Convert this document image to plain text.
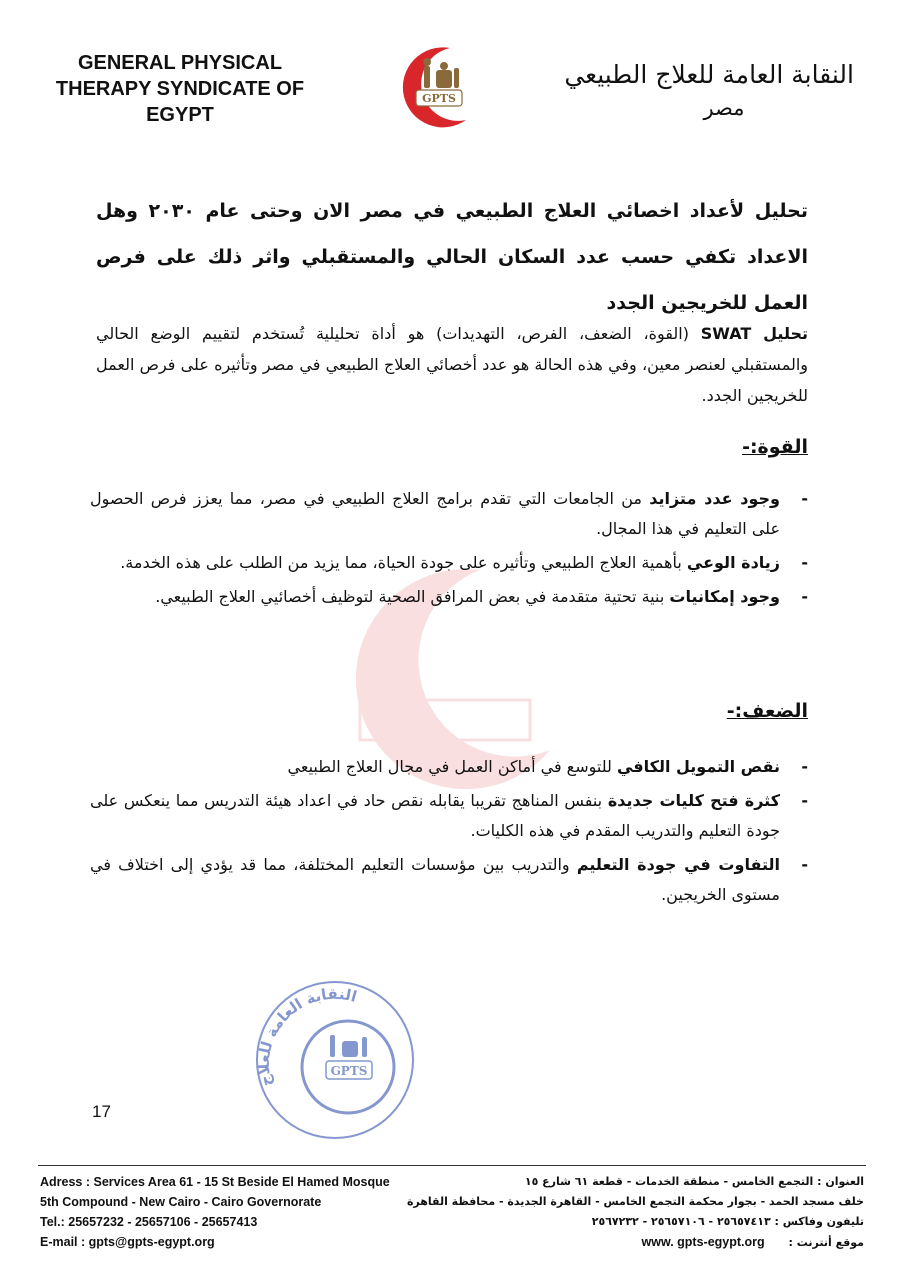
GENERAL PHYSICAL
THERAPY SYNDICATE OF
EGYPT
GPTS
النقابة العامة للعلاج الطبيعي
مصر
تحليل لأعداد اخصائي العلاج الطبيعي في مصر الان وحتى عام ٢٠٣٠ وهل الاعداد تكفي حسب عدد السكان الحالي والمستقبلي واثر ذلك على فرص العمل للخريجين الجدد
تحليل SWAT (القوة، الضعف، الفرص، التهديدات) هو أداة تحليلية تُستخدم لتقييم الوضع الحالي والمستقبلي لعنصر معين، وفي هذه الحالة هو عدد أخصائي العلاج الطبيعي في مصر وتأثيره على فرص العمل للخريجين الجدد.
القوة:-
-
وجود عدد متزايد من الجامعات التي تقدم برامج العلاج الطبيعي في مصر، مما يعزز فرص الحصول على التعليم في هذا المجال.
-
زيادة الوعي بأهمية العلاج الطبيعي وتأثيره على جودة الحياة، مما يزيد من الطلب على هذه الخدمة.
-
وجود إمكانيات بنية تحتية متقدمة في بعض المرافق الصحية لتوظيف أخصائيي العلاج الطبيعي.
الضعف:-
-
نقص التمويل الكافي للتوسع في أماكن العمل في مجال العلاج الطبيعي
-
كثرة فتح كليات جديدة بنفس المناهج تقريبا يقابله نقص حاد في اعداد هيئة التدريس مما ينعكس على جودة التعليم والتدريب المقدم في هذه الكليات.
-
التفاوت في جودة التعليم والتدريب بين مؤسسات التعليم المختلفة، مما قد يؤدي إلى اختلاف في مستوى الخريجين.
النقابة العامة للعلاج
GPTS
17
Adress : Services Area 61 - 15 St Beside El Hamed Mosque
5th Compound - New Cairo - Cairo Governorate
Tel.: 25657232 - 25657106 - 25657413
E-mail : gpts@gpts-egypt.org
العنوان : التجمع الخامس - منطقة الخدمات - قطعة ٦١ شارع ١٥
خلف مسجد الحمد - بجوار محكمة التجمع الخامس - القاهرة الجديدة - محافظة القاهرة
تليفون وفاكس : ٢٥٦٥٧٤١٣ - ٢٥٦٥٧١٠٦ - ٢٥٦٧٢٣٢
موقع أنترنت : www. gpts-egypt.org
